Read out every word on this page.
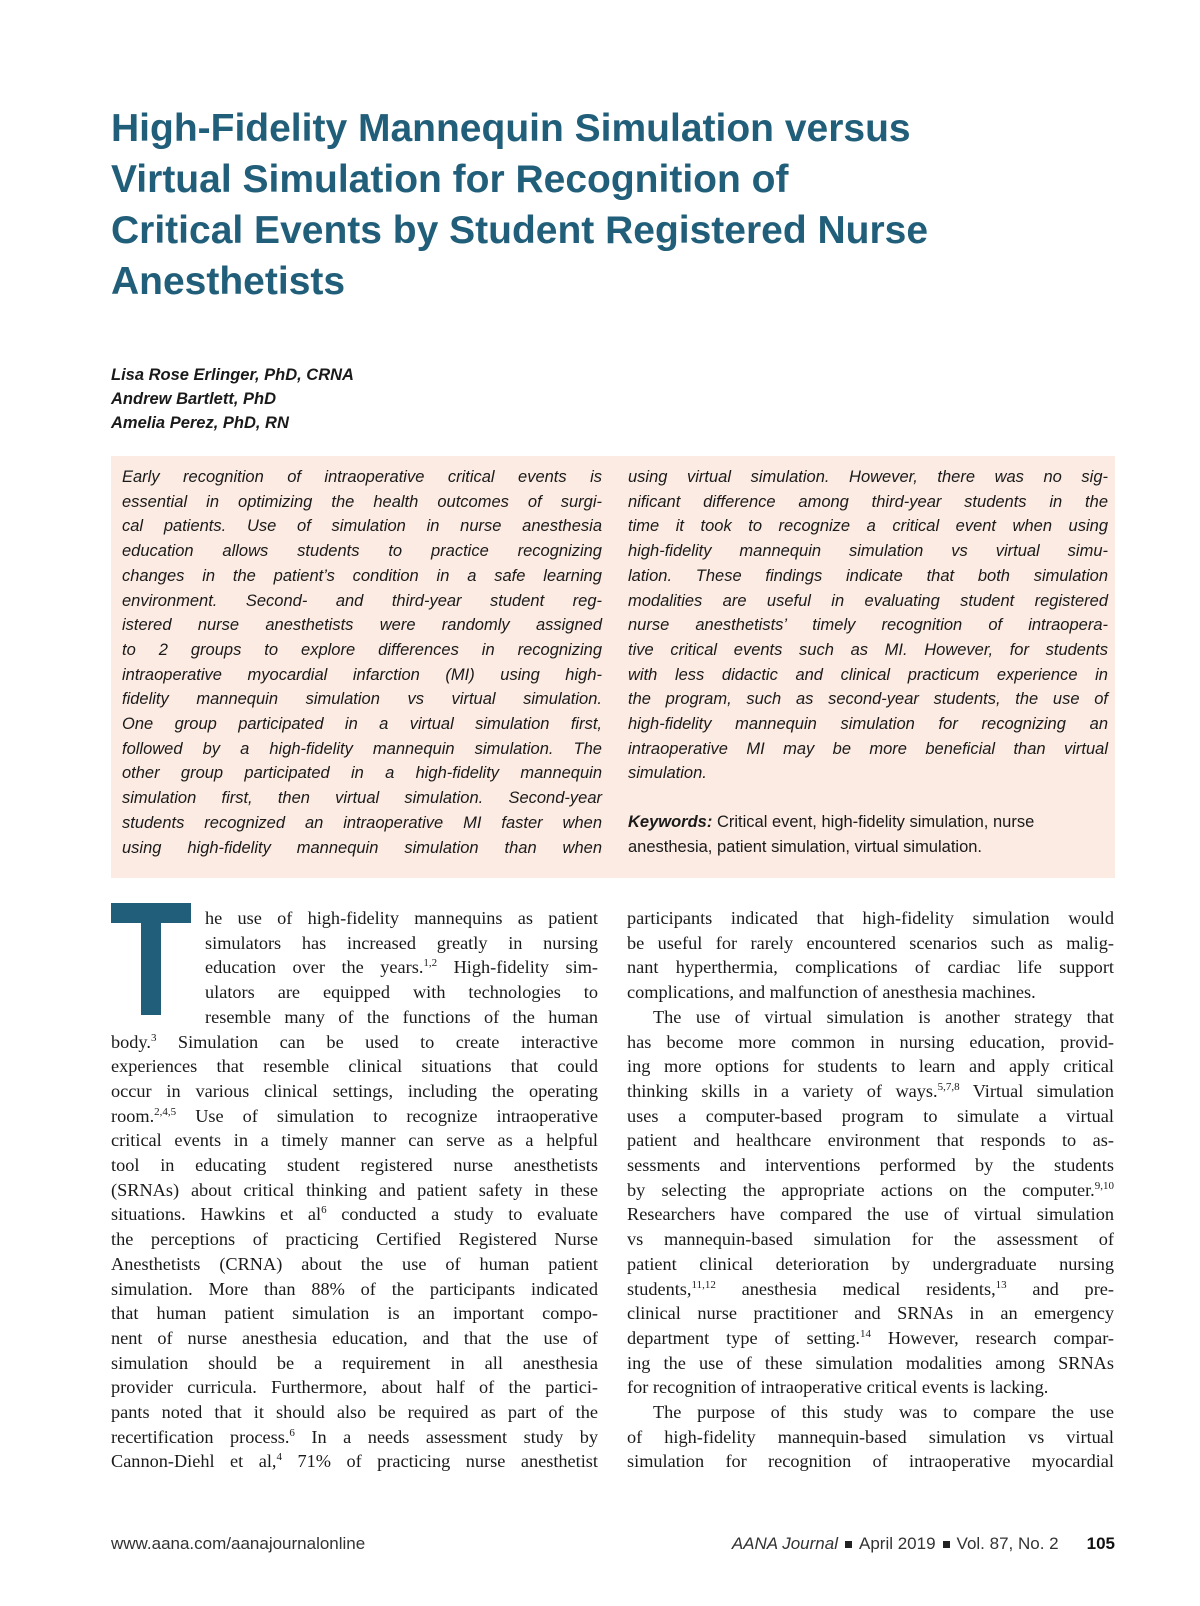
High-Fidelity Mannequin Simulation versus
Virtual Simulation for Recognition of
Critical Events by Student Registered Nurse
Anesthetists
Lisa Rose Erlinger, PhD, CRNA
Andrew Bartlett, PhD
Amelia Perez, PhD, RN
Early recognition of intraoperative critical events is
essential in optimizing the health outcomes of surgi-
cal patients. Use of simulation in nurse anesthesia
education allows students to practice recognizing
changes in the patient’s condition in a safe learning
environment. Second- and third-year student reg-
istered nurse anesthetists were randomly assigned
to 2 groups to explore differences in recognizing
intraoperative myocardial infarction (MI) using high-
fidelity mannequin simulation vs virtual simulation.
One group participated in a virtual simulation first,
followed by a high-fidelity mannequin simulation. The
other group participated in a high-fidelity mannequin
simulation first, then virtual simulation. Second-year
students recognized an intraoperative MI faster when
using high-fidelity mannequin simulation than when
using virtual simulation. However, there was no sig-
nificant difference among third-year students in the
time it took to recognize a critical event when using
high-fidelity mannequin simulation vs virtual simu-
lation. These findings indicate that both simulation
modalities are useful in evaluating student registered
nurse anesthetists’ timely recognition of intraopera-
tive critical events such as MI. However, for students
with less didactic and clinical practicum experience in
the program, such as second-year students, the use of
high-fidelity mannequin simulation for recognizing an
intraoperative MI may be more beneficial than virtual
simulation.
Keywords: Critical event, high-fidelity simulation, nurse
anesthesia, patient simulation, virtual simulation.
he use of high-fidelity mannequins as patient
simulators has increased greatly in nursing
education over the years.$^{1,2}$ High-fidelity sim-
ulators are equipped with technologies to
resemble many of the functions of the human
body.$^3$ Simulation can be used to create interactive
experiences that resemble clinical situations that could
occur in various clinical settings, including the operating
room.$^{2,4,5}$ Use of simulation to recognize intraoperative
critical events in a timely manner can serve as a helpful
tool in educating student registered nurse anesthetists
(SRNAs) about critical thinking and patient safety in these
situations. Hawkins et $al^6$ conducted a study to evaluate
the perceptions of practicing Certified Registered Nurse
Anesthetists (CRNA) about the use of human patient
simulation. More than 88% of the participants indicated
that human patient simulation is an important compo-
nent of nurse anesthesia education, and that the use of
simulation should be a requirement in all anesthesia
provider curricula. Furthermore, about half of the partici-
pants noted that it should also be required as part of the
recertification process.$^6$ In a needs assessment study by
Cannon-Diehl et al,$^4$ 71% of practicing nurse anesthetist
participants indicated that high-fidelity simulation would
be useful for rarely encountered scenarios such as malig-
nant hyperthermia, complications of cardiac life support
complications, and malfunction of anesthesia machines.
The use of virtual simulation is another strategy that
has become more common in nursing education, provid-
ing more options for students to learn and apply critical
thinking skills in a variety of ways.$^{5,7,8}$ Virtual simulation
uses a computer-based program to simulate a virtual
patient and healthcare environment that responds to as-
sessments and interventions performed by the students
by selecting the appropriate actions on the computer.$^{9,10}$
Researchers have compared the use of virtual simulation
vs mannequin-based simulation for the assessment of
patient clinical deterioration by undergraduate nursing
students,$^{11,12}$ anesthesia medical residents,$^{13}$ and pre-
clinical nurse practitioner and SRNAs in an emergency
department type of setting.$^{14}$ However, research compar-
ing the use of these simulation modalities among SRNAs
for recognition of intraoperative critical events is lacking.
The purpose of this study was to compare the use
of high-fidelity mannequin-based simulation vs virtual
simulation for recognition of intraoperative myocardial
www.aana.com/aanajournalonline	AANA Journal April 2019 Vol. 87, No. 2 105
